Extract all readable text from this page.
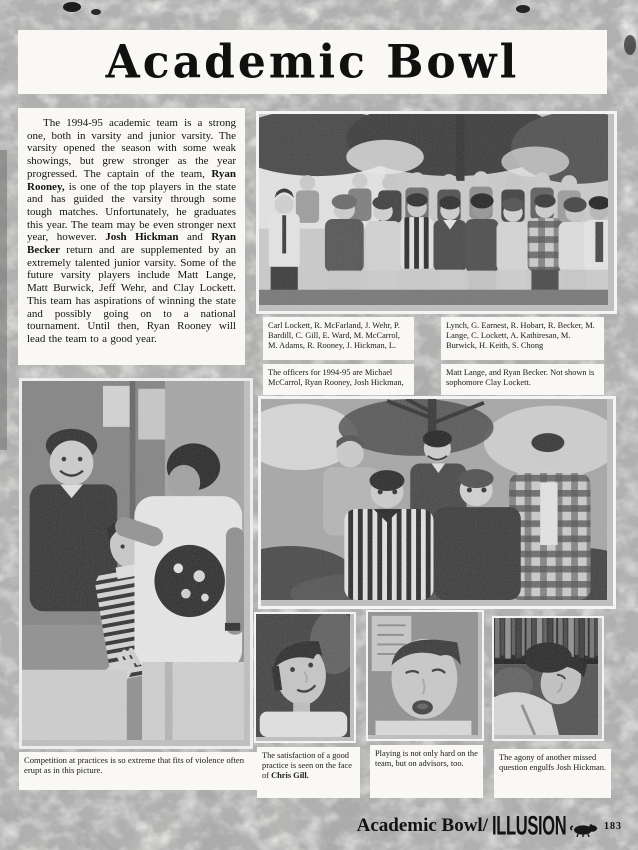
Academic Bowl

The 1994-95 academic team is a strong one, both in varsity and junior varsity. The varsity opened the season with some weak showings, but grew stronger as the year progressed. The captain of the team, Ryan Rooney, is one of the top players in the state and has guided the varsity through some tough matches. Unfortunately, he graduates this year. The team may be even stronger next year, however. Josh Hickman and Ryan Becker return and are supplemented by an extremely talented junior varsity. Some of the future varsity players include Matt Lange, Matt Burwick, Jeff Wehr, and Clay Lockett. This team has aspirations of winning the state and possibly going on to a national tournament. Until then, Ryan Rooney will lead the team to a good year.

Carl Lockett, R. McFarland, J. Wehr, P. Bardill, C. Gill, E. Ward, M. McCarrol, M. Adams, R. Rooney, J. Hickman, L.
Lynch, G. Earnest, R. Hobart, R. Becker, M. Lange, C. Lockett, A. Kathiresan, M. Burwick, H. Keith, S. Chong
The officers for 1994-95 are Michael McCarrol, Ryan Rooney, Josh Hickman,
Matt Lange, and Ryan Becker. Not shown is sophomore Clay Lockett.
Competition at practices is so extreme that fits of violence often erupt as in this picture.
The satisfaction of a good practice is seen on the face of Chris Gill.
Playing is not only hard on the team, but on advisors, too.
The agony of another missed question engulfs Josh Hickman.
Academic Bowl/ ILLUSION	183
